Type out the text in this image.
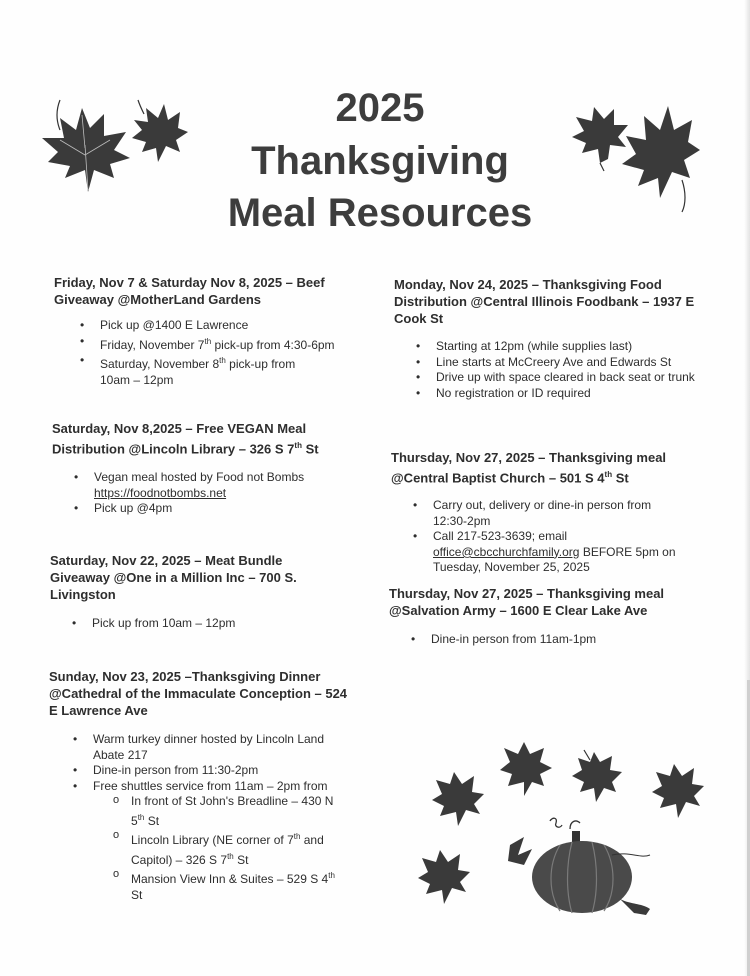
2025
Thanksgiving
Meal Resources
Friday, Nov 7 & Saturday Nov 8, 2025 – Beef Giveaway @MotherLand Gardens
• Pick up @1400 E Lawrence
• Friday, November 7th pick-up from 4:30-6pm
• Saturday, November 8th pick-up from 10am – 12pm
Saturday, Nov 8,2025 – Free VEGAN Meal Distribution @Lincoln Library – 326 S 7th St
• Vegan meal hosted by Food not Bombs
https://foodnotbombs.net
• Pick up @4pm
Saturday, Nov 22, 2025 – Meat Bundle Giveaway @One in a Million Inc – 700 S. Livingston
• Pick up from 10am – 12pm
Sunday, Nov 23, 2025 –Thanksgiving Dinner @Cathedral of the Immaculate Conception – 524 E Lawrence Ave
• Warm turkey dinner hosted by Lincoln Land Abate 217
• Dine-in person from 11:30-2pm
• Free shuttles service from 11am – 2pm from
o In front of St John's Breadline – 430 N 5th St
o Lincoln Library (NE corner of 7th and Capitol) – 326 S 7th St
o Mansion View Inn & Suites – 529 S 4th St
Monday, Nov 24, 2025 – Thanksgiving Food Distribution @Central Illinois Foodbank – 1937 E Cook St
• Starting at 12pm (while supplies last)
• Line starts at McCreery Ave and Edwards St
• Drive up with space cleared in back seat or trunk
• No registration or ID required
Thursday, Nov 27, 2025 – Thanksgiving meal @Central Baptist Church – 501 S 4th St
• Carry out, delivery or dine-in person from 12:30-2pm
• Call 217-523-3639; email
office@cbcchurchfamily.org BEFORE 5pm on Tuesday, November 25, 2025
Thursday, Nov 27, 2025 – Thanksgiving meal @Salvation Army – 1600 E Clear Lake Ave
• Dine-in person from 11am-1pm
